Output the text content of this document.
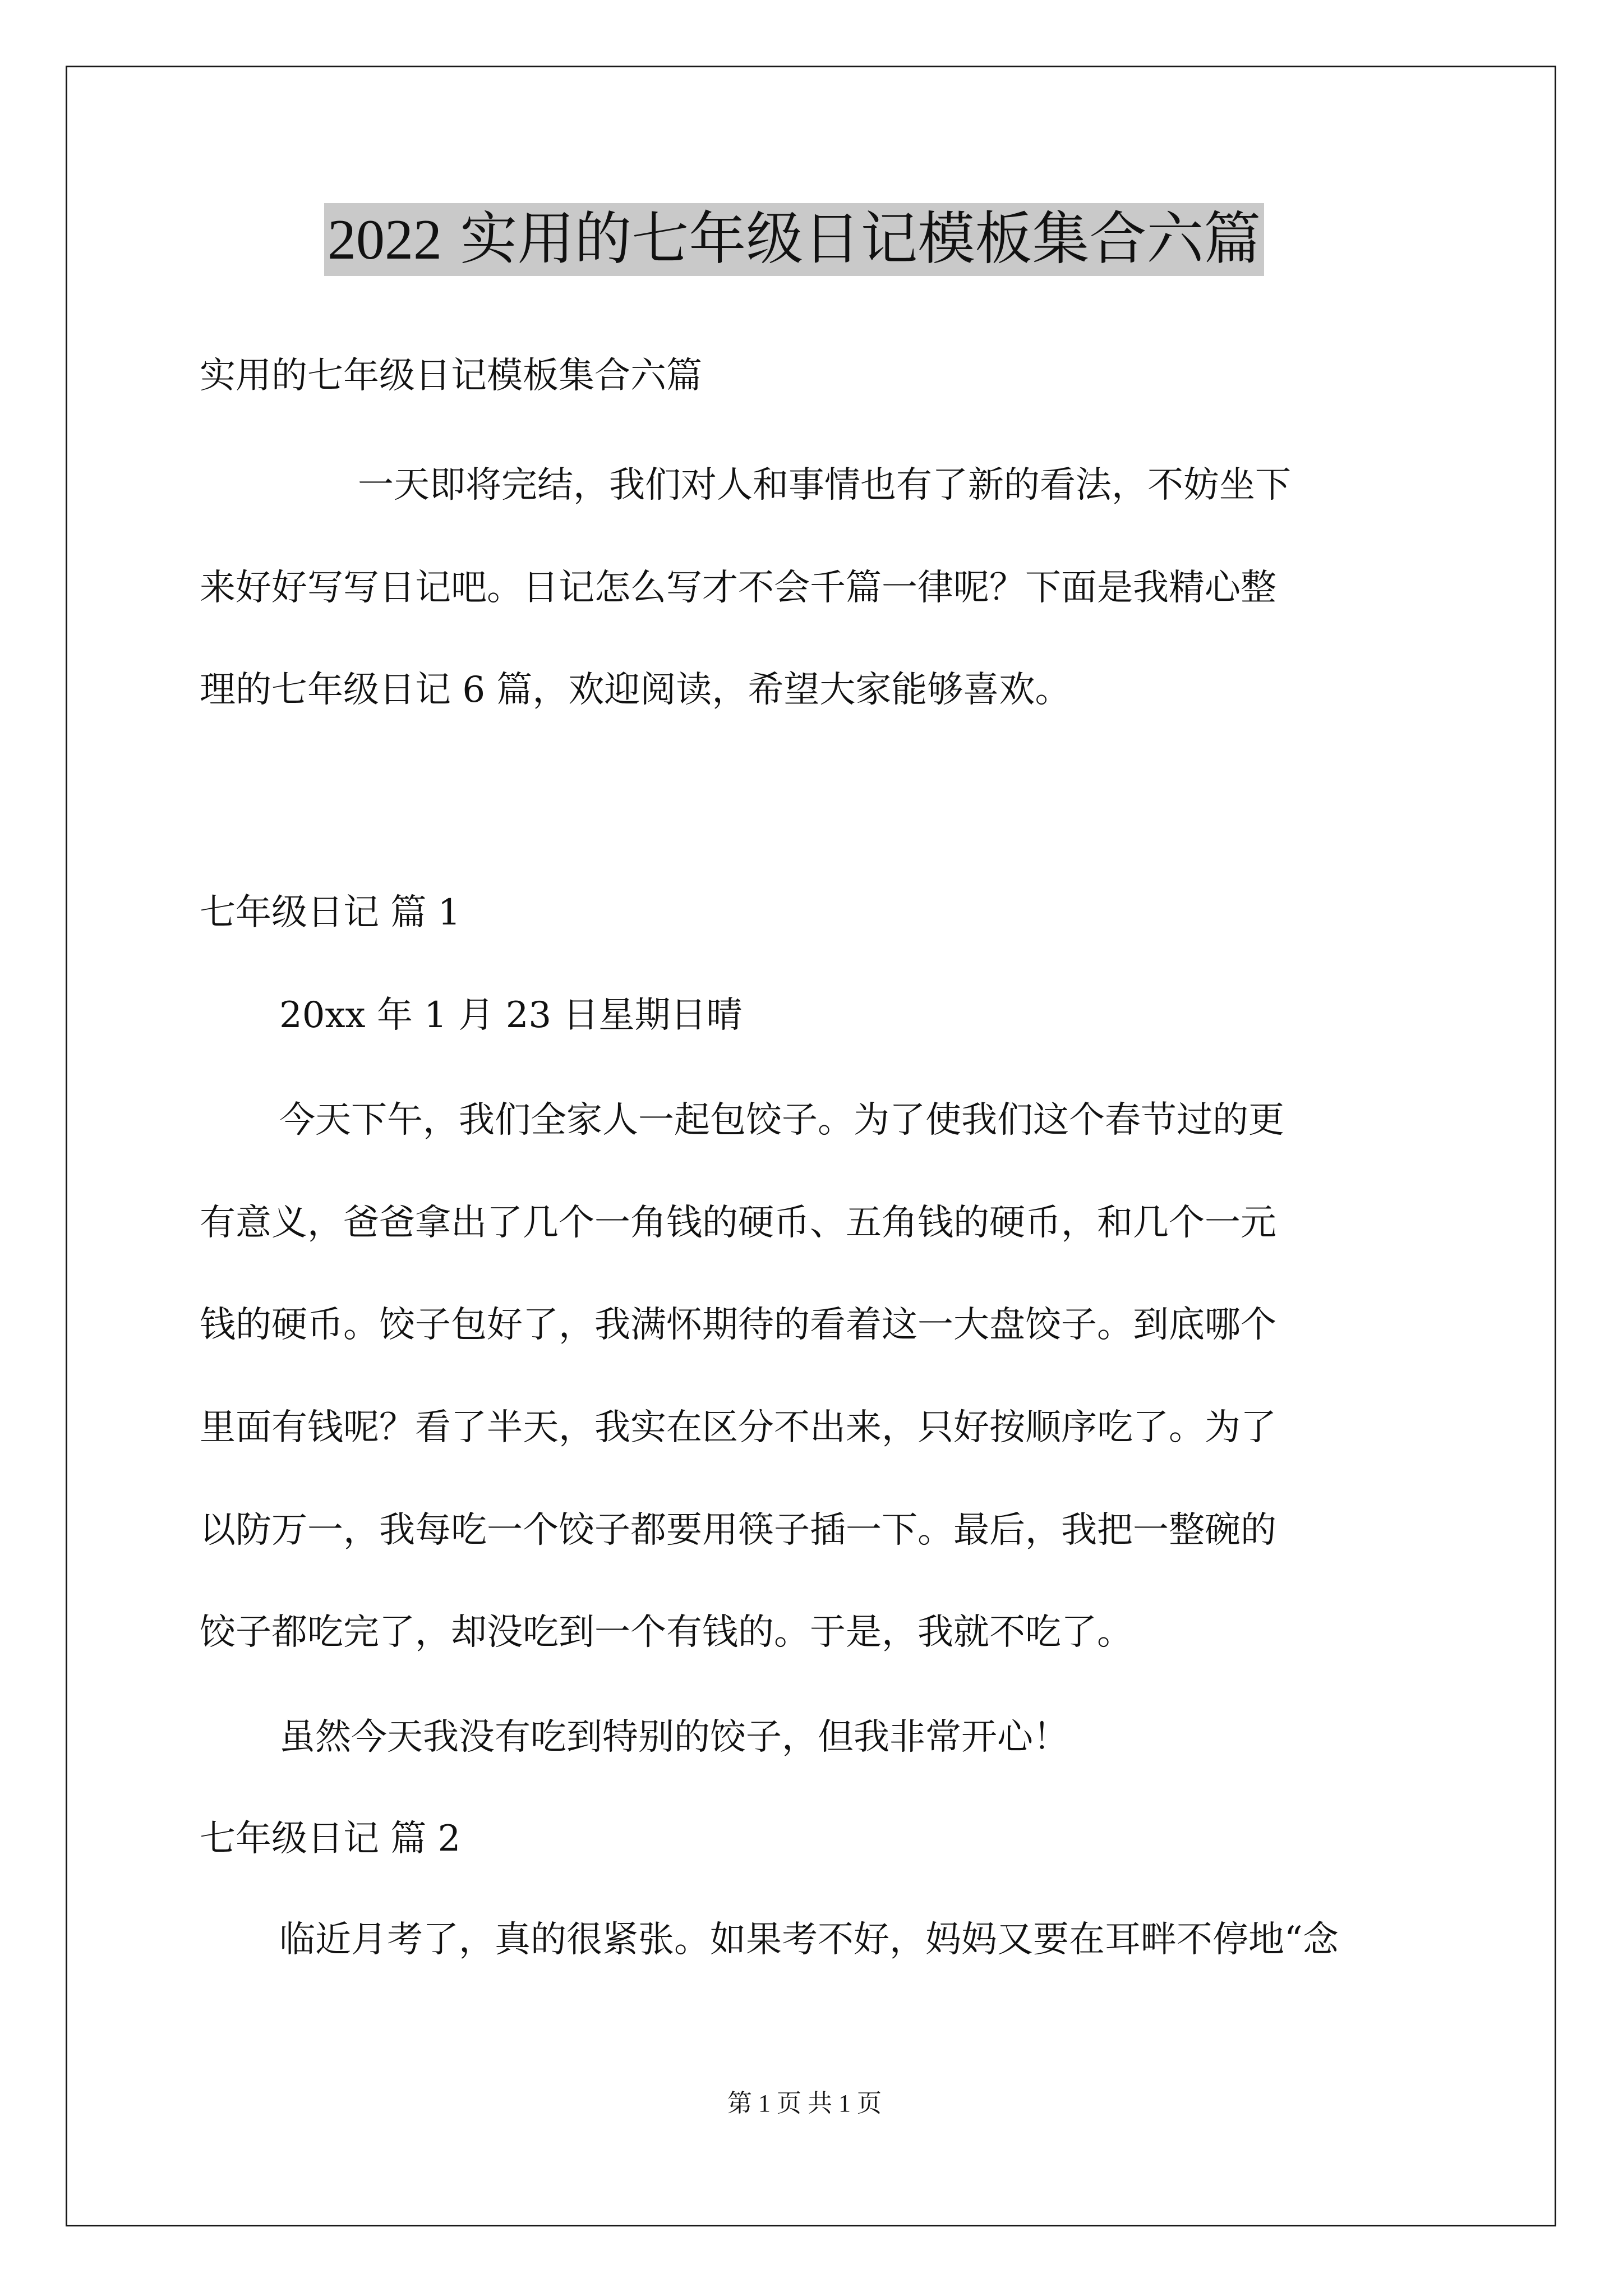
2022 实用的七年级日记模板集合六篇
实用的七年级日记模板集合六篇
一天即将完结，我们对人和事情也有了新的看法，不妨坐下
来好好写写日记吧。日记怎么写才不会千篇一律呢？下面是我精心整
理的七年级日记 6 篇，欢迎阅读，希望大家能够喜欢。
七年级日记 篇 1
20xx 年 1 月 23 日星期日晴
今天下午，我们全家人一起包饺子。为了使我们这个春节过的更
有意义，爸爸拿出了几个一角钱的硬币、五角钱的硬币，和几个一元
钱的硬币。饺子包好了，我满怀期待的看着这一大盘饺子。到底哪个
里面有钱呢？看了半天，我实在区分不出来，只好按顺序吃了。为了
以防万一，我每吃一个饺子都要用筷子插一下。最后，我把一整碗的
饺子都吃完了，却没吃到一个有钱的。于是，我就不吃了。
虽然今天我没有吃到特别的饺子，但我非常开心！
七年级日记 篇 2
临近月考了，真的很紧张。如果考不好，妈妈又要在耳畔不停地“念
第 1 页 共 1 页
